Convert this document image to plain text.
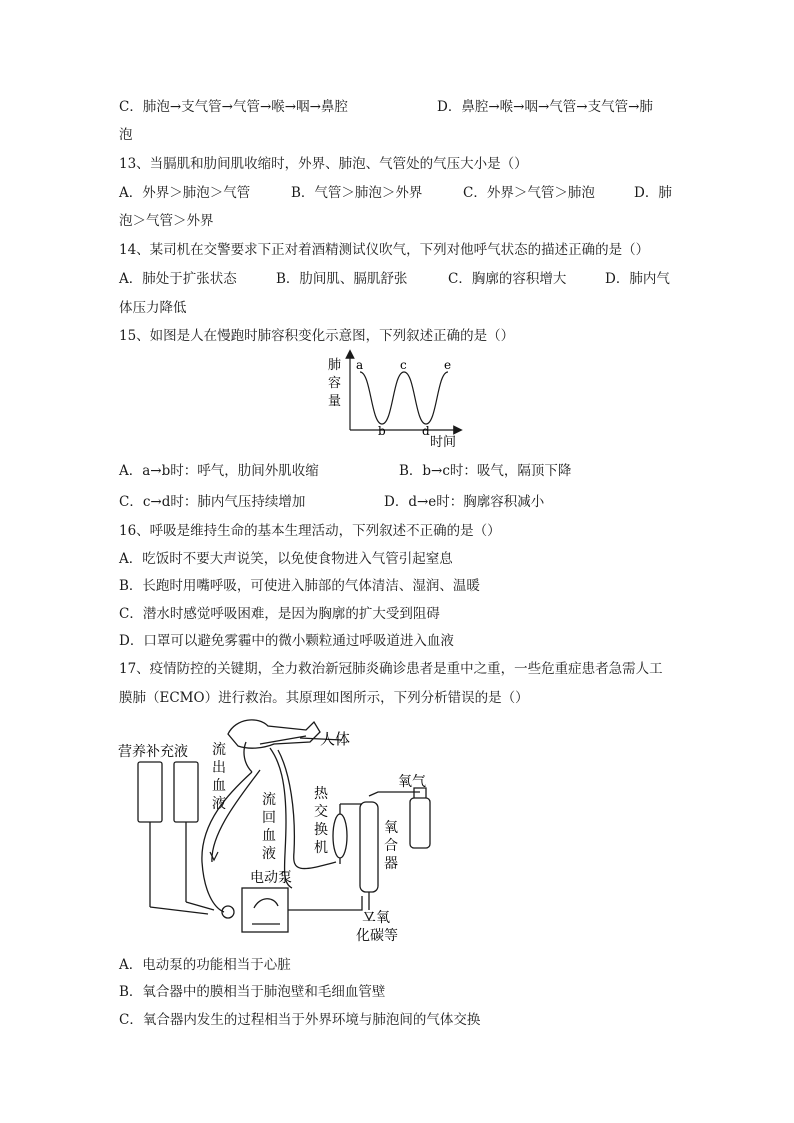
C．肺泡→支气管→气管→喉→咽→鼻腔	D．鼻腔→喉→咽→气管→支气管→肺
泡
13、当膈肌和肋间肌收缩时，外界、肺泡、气管处的气压大小是（）
A．外界＞肺泡＞气管	B．气管＞肺泡＞外界	C．外界＞气管＞肺泡	D．肺
泡＞气管＞外界
14、某司机在交警要求下正对着酒精测试仪吹气，下列对他呼气状态的描述正确的是（）
A．肺处于扩张状态	B．肋间肌、膈肌舒张	C．胸廓的容积增大	D．肺内气
体压力降低
15、如图是人在慢跑时肺容积变化示意图，下列叙述正确的是（）
肺
容
量
a
b
c
d
e
时间
A．a→b时：呼气，肋间外肌收缩	B．b→c时：吸气，隔顶下降
C．c→d时：肺内气压持续增加	D．d→e时：胸廓容积减小
16、呼吸是维持生命的基本生理活动，下列叙述不正确的是（）
A．吃饭时不要大声说笑，以免使食物进入气管引起窒息
B．长跑时用嘴呼吸，可使进入肺部的气体清洁、湿润、温暖
C．潜水时感觉呼吸困难，是因为胸廓的扩大受到阻碍
D．口罩可以避免雾霾中的微小颗粒通过呼吸道进入血液
17、疫情防控的关键期，全力救治新冠肺炎确诊患者是重中之重，一些危重症患者急需人工
膜肺（ECMO）进行救治。其原理如图所示，下列分析错误的是（）
人体
营养补充液 流
出
血
液	流
回
血
液
热
交
换
机
氧气
氧
合
器
电动泵
二氧
化碳等
A．电动泵的功能相当于心脏
B．氧合器中的膜相当于肺泡壁和毛细血管壁
C．氧合器内发生的过程相当于外界环境与肺泡间的气体交换
